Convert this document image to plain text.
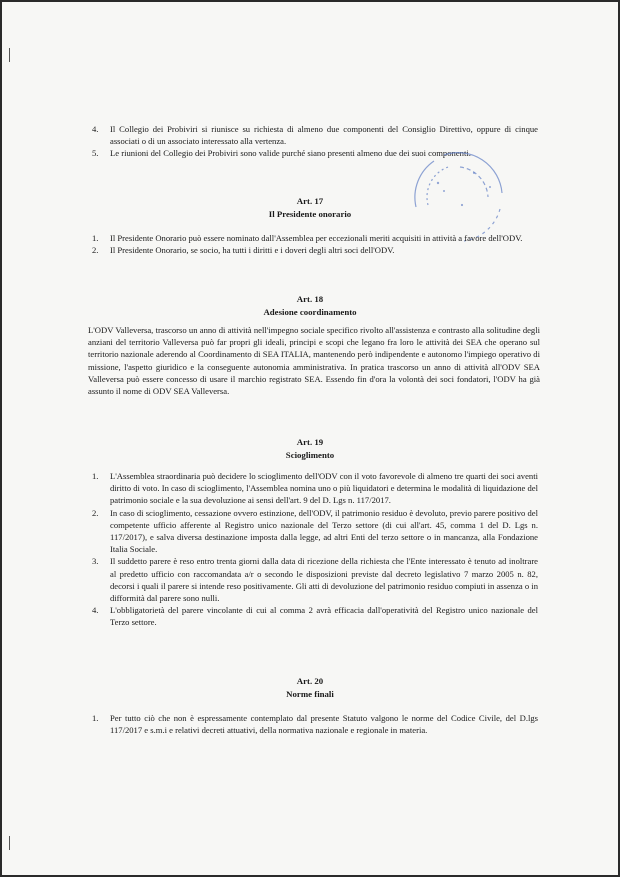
4. Il Collegio dei Probiviri si riunisce su richiesta di almeno due componenti del Consiglio Direttivo, oppure di cinque associati o di un associato interessato alla vertenza.
5. Le riunioni del Collegio dei Probiviri sono valide purché siano presenti almeno due dei suoi componenti.
Art. 17
Il Presidente onorario
1. Il Presidente Onorario può essere nominato dall'Assemblea per eccezionali meriti acquisiti in attività a favore dell'ODV.
2. Il Presidente Onorario, se socio, ha tutti i diritti e i doveri degli altri soci dell'ODV.
Art. 18
Adesione coordinamento
L'ODV Valleversa, trascorso un anno di attività nell'impegno sociale specifico rivolto all'assistenza e contrasto alla solitudine degli anziani del territorio Valleversa può far propri gli ideali, principi e scopi che legano fra loro le attività dei SEA che operano sul territorio nazionale aderendo al Coordinamento di SEA ITALIA, mantenendo però indipendente e autonomo l'impiego operativo di missione, l'aspetto giuridico e la conseguente autonomia amministrativa. In pratica trascorso un anno di attività all'ODV SEA Valleversa può essere concesso di usare il marchio registrato SEA. Essendo fin d'ora la volontà dei soci fondatori, l'ODV ha già assunto il nome di ODV SEA Valleversa.
Art. 19
Scioglimento
1. L'Assemblea straordinaria può decidere lo scioglimento dell'ODV con il voto favorevole di almeno tre quarti dei soci aventi diritto di voto. In caso di scioglimento, l'Assemblea nomina uno o più liquidatori e determina le modalità di liquidazione del patrimonio sociale e la sua devoluzione ai sensi dell'art. 9 del D. Lgs n. 117/2017.
2. In caso di scioglimento, cessazione ovvero estinzione, dell'ODV, il patrimonio residuo è devoluto, previo parere positivo del competente ufficio afferente al Registro unico nazionale del Terzo settore (di cui all'art. 45, comma 1 del D. Lgs n. 117/2017), e salva diversa destinazione imposta dalla legge, ad altri Enti del terzo settore o in mancanza, alla Fondazione Italia Sociale.
3. Il suddetto parere è reso entro trenta giorni dalla data di ricezione della richiesta che l'Ente interessato è tenuto ad inoltrare al predetto ufficio con raccomandata a/r o secondo le disposizioni previste dal decreto legislativo 7 marzo 2005 n. 82, decorsi i quali il parere si intende reso positivamente. Gli atti di devoluzione del patrimonio residuo compiuti in assenza o in difformità dal parere sono nulli.
4. L'obbligatorietà del parere vincolante di cui al comma 2 avrà efficacia dall'operatività del Registro unico nazionale del Terzo settore.
Art. 20
Norme finali
1. Per tutto ciò che non è espressamente contemplato dal presente Statuto valgono le norme del Codice Civile, del D.lgs 117/2017 e s.m.i e relativi decreti attuativi, della normativa nazionale e regionale in materia.
